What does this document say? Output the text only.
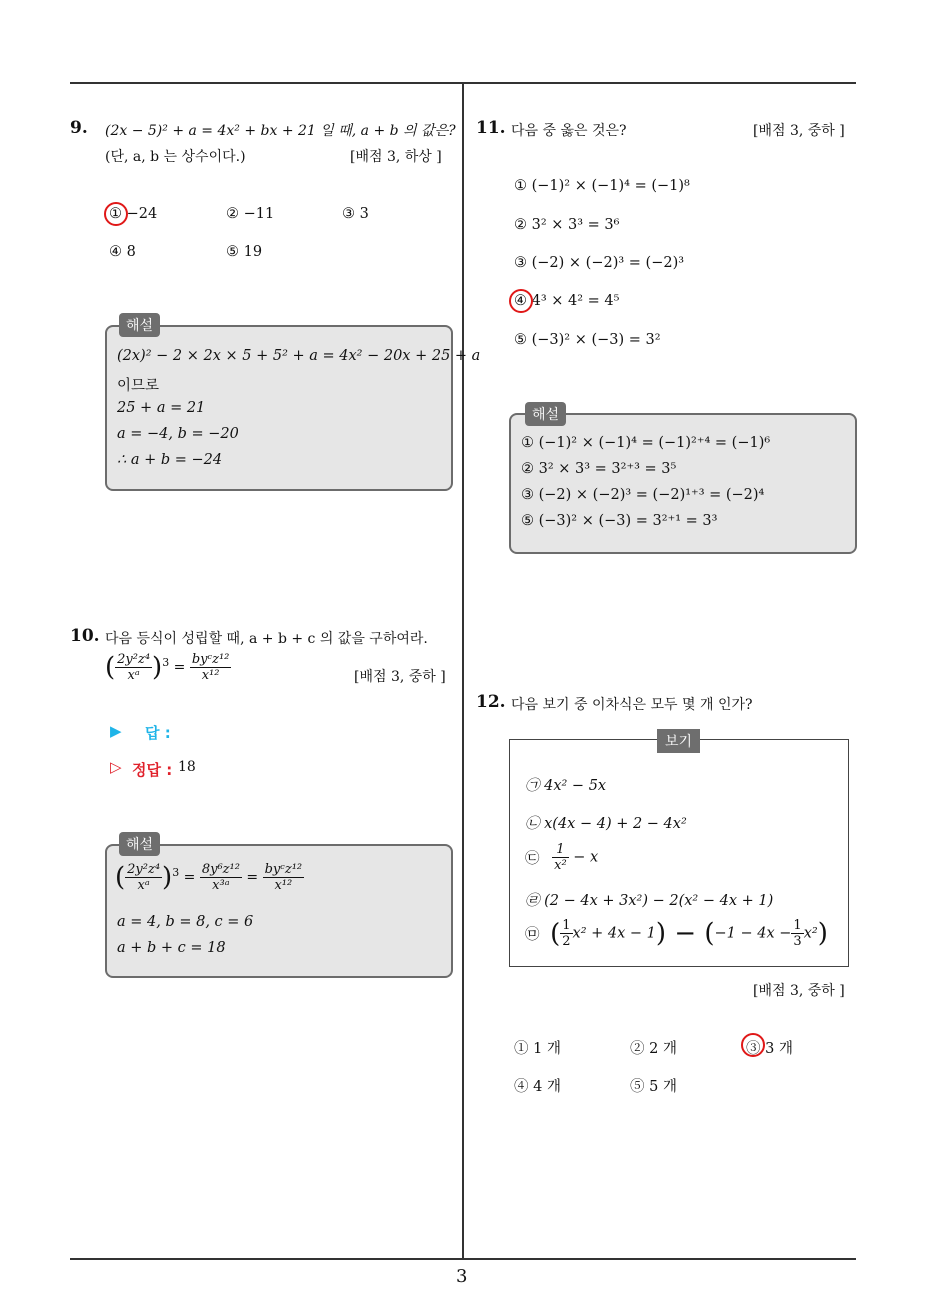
9. (2x − 5)² + a = 4x² + bx + 21 일 때, a + b 의 값은?
(단, a, b 는 상수이다.)	[배점 3, 하상 ]
① −24	② −11	③ 3
④ 8	⑤ 19
해설
(2x)² − 2 × 2x × 5 + 5² + a = 4x² − 20x + 25 + a
이므로
25 + a = 21
a = −4, b = −20
∴ a + b = −24
10. 다음 등식이 성립할 때, a + b + c 의 값을 구하여라.
( $\frac{\text{2y²z⁴}}{\text{xᵃ}} )^3 = \frac{\text{byᶜz¹²}}{\text{x¹²}}$	[배점 3, 중하 ]
▶ 답 :
▷ 정답 : 18
해설
( $\frac{\text{2y²z⁴}}{\text{xᵃ}} )^3 = \frac{\text{8y⁶z¹²}}{\text{x³ᵃ}} = \frac{\text{byᶜz¹²}}{\text{x¹²}}$
a = 4, b = 8, c = 6
a + b + c = 18
11. 다음 중 옳은 것은?	[배점 3, 중하 ]
① (−1)² × (−1)⁴ = (−1)⁸
② 3² × 3³ = 3⁶
③ (−2) × (−2)³ = (−2)³
④ 4³ × 4² = 4⁵
⑤ (−3)² × (−3) = 3²
해설
① (−1)² × (−1)⁴ = (−1)²⁺⁴ = (−1)⁶
② 3² × 3³ = 3²⁺³ = 3⁵
③ (−2) × (−2)³ = (−2)¹⁺³ = (−2)⁴
⑤ (−3)² × (−3) = 3²⁺¹ = 3³
12. 다음 보기 중 이차식은 모두 몇 개 인가?
보기
㉠ 4x² − 5x
㉡ x(4x − 4) + 2 − 4x²
㉢ $\frac{1}{\text{x²}} - x$
㉣ (2 − 4x + 3x²) − 2(x² − 4x + 1)
㉤ ( $\frac{1}{2} x^2 + 4x - 1) - (-1 - 4x - \frac{1}{3} x^2)$
[배점 3, 중하 ]
① 1 개	② 2 개	③ 3 개
④ 4 개	⑤ 5 개
3
